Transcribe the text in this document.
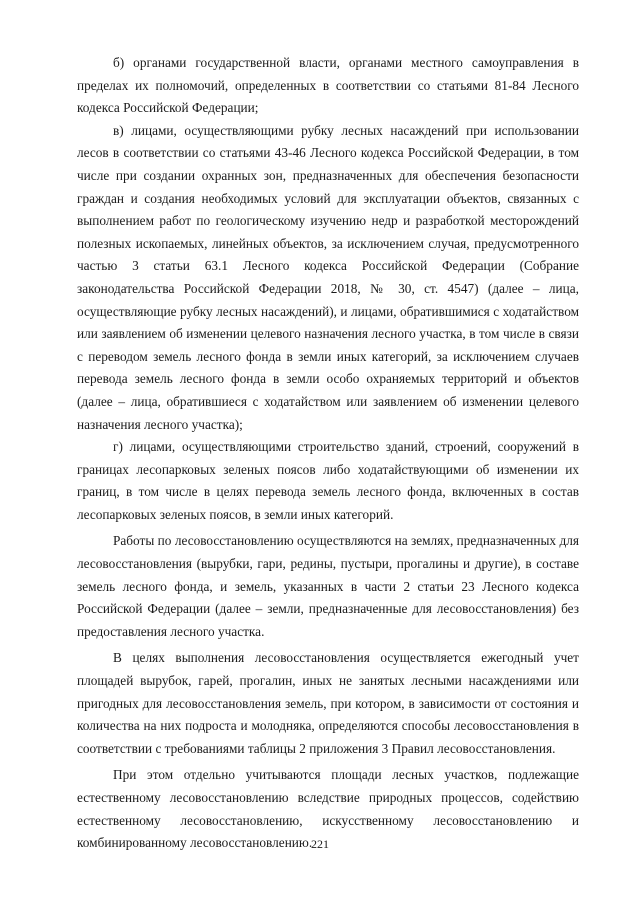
б) органами государственной власти, органами местного самоуправления в пределах их полномочий, определенных в соответствии со статьями 81-84 Лесного кодекса Российской Федерации;

в) лицами, осуществляющими рубку лесных насаждений при использовании лесов в соответствии со статьями 43-46 Лесного кодекса Российской Федерации, в том числе при создании охранных зон, предназначенных для обеспечения безопасности граждан и создания необходимых условий для эксплуатации объектов, связанных с выполнением работ по геологическому изучению недр и разработкой месторождений полезных ископаемых, линейных объектов, за исключением случая, предусмотренного частью 3 статьи 63.1 Лесного кодекса Российской Федерации (Собрание законодательства Российской Федерации 2018, № 30, ст. 4547) (далее – лица, осуществляющие рубку лесных насаждений), и лицами, обратившимися с ходатайством или заявлением об изменении целевого назначения лесного участка, в том числе в связи с переводом земель лесного фонда в земли иных категорий, за исключением случаев перевода земель лесного фонда в земли особо охраняемых территорий и объектов (далее – лица, обратившиеся с ходатайством или заявлением об изменении целевого назначения лесного участка);

г) лицами, осуществляющими строительство зданий, строений, сооружений в границах лесопарковых зеленых поясов либо ходатайствующими об изменении их границ, в том числе в целях перевода земель лесного фонда, включенных в состав лесопарковых зеленых поясов, в земли иных категорий.

Работы по лесовосстановлению осуществляются на землях, предназначенных для лесовосстановления (вырубки, гари, редины, пустыри, прогалины и другие), в составе земель лесного фонда, и земель, указанных в части 2 статьи 23 Лесного кодекса Российской Федерации (далее – земли, предназначенные для лесовосстановления) без предоставления лесного участка.

В целях выполнения лесовосстановления осуществляется ежегодный учет площадей вырубок, гарей, прогалин, иных не занятых лесными насаждениями или пригодных для лесовосстановления земель, при котором, в зависимости от состояния и количества на них подроста и молодняка, определяются способы лесовосстановления в соответствии с требованиями таблицы 2 приложения 3 Правил лесовосстановления.

При этом отдельно учитываются площади лесных участков, подлежащие естественному лесовосстановлению вследствие природных процессов, содействию естественному лесовосстановлению, искусственному лесовосстановлению и комбинированному лесовосстановлению.

221
